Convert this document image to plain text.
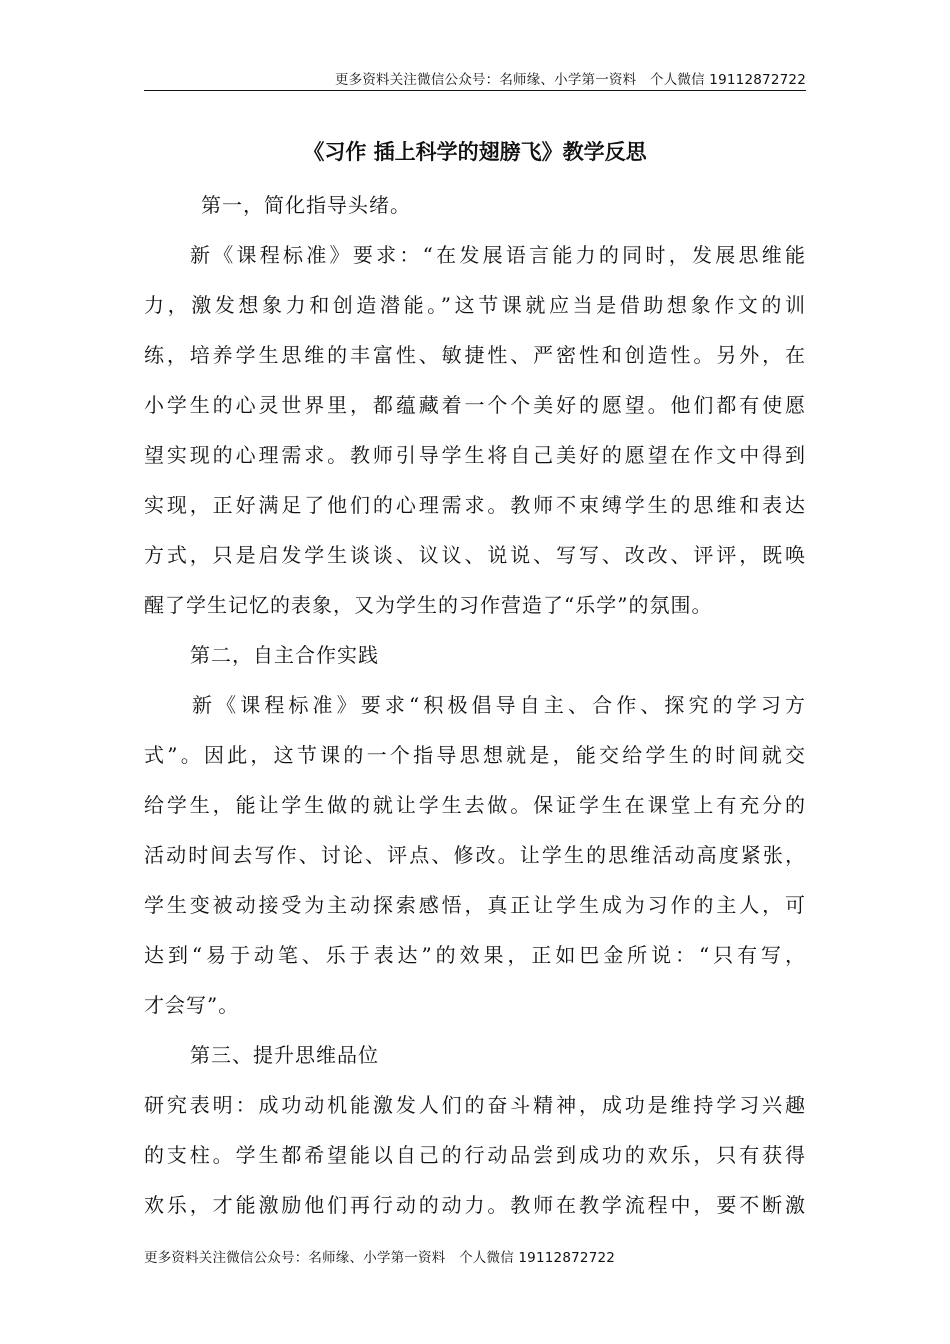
更多资料关注微信公众号：名师缘、小学第一资料　个人微信 19112872722
《习作 插上科学的翅膀飞》教学反思
第一，简化指导头绪。
新《课程标准》要求：“在发展语言能力的同时，发展思维能
力，激发想象力和创造潜能。”这节课就应当是借助想象作文的训
练，培养学生思维的丰富性、敏捷性、严密性和创造性。另外，在
小学生的心灵世界里，都蕴藏着一个个美好的愿望。他们都有使愿
望实现的心理需求。教师引导学生将自己美好的愿望在作文中得到
实现，正好满足了他们的心理需求。教师不束缚学生的思维和表达
方式，只是启发学生谈谈、议议、说说、写写、改改、评评，既唤
醒了学生记忆的表象，又为学生的习作营造了“乐学”的氛围。
第二，自主合作实践
新《课程标准》要求“积极倡导自主、合作、探究的学习方
式”。因此，这节课的一个指导思想就是，能交给学生的时间就交
给学生，能让学生做的就让学生去做。保证学生在课堂上有充分的
活动时间去写作、讨论、评点、修改。让学生的思维活动高度紧张，
学生变被动接受为主动探索感悟，真正让学生成为习作的主人，可
达到“易于动笔、乐于表达”的效果，正如巴金所说：“只有写，
才会写”。
第三、提升思维品位
研究表明：成功动机能激发人们的奋斗精神，成功是维持学习兴趣
的支柱。学生都希望能以自己的行动品尝到成功的欢乐，只有获得
欢乐，才能激励他们再行动的动力。教师在教学流程中，要不断激
更多资料关注微信公众号：名师缘、小学第一资料　个人微信 19112872722
